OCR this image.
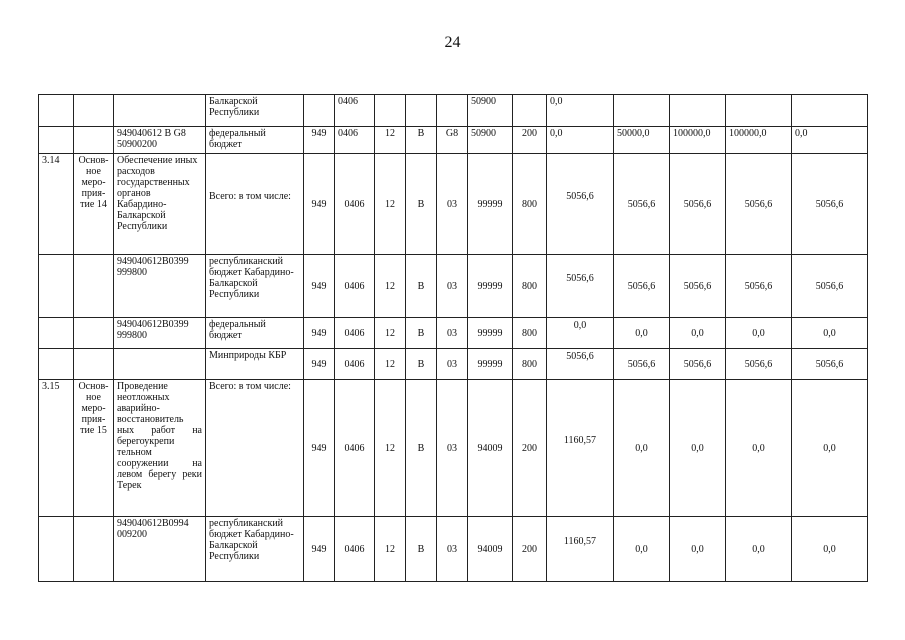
24
			Балкарской Республики		0406				50900		0,0				
		949040612 В G8 50900200	федеральный бюджет	949	0406	12	В	G8	50900	200	0,0	50000,0	100000,0	100000,0	0,0
3.14	Основ-ное меро-прия-тие 14	Обеспечение иных расходов государственных органов Кабардино-Балкарской Республики	Всего: в том числе:	949	0406	12	В	03	99999	800	5056,6	5056,6	5056,6	5056,6	5056,6
		949040612В0399 999800	республиканский бюджет Кабардино-Балкарской Республики	949	0406	12	В	03	99999	800	5056,6	5056,6	5056,6	5056,6	5056,6
		949040612В0399 999800	федеральный бюджет	949	0406	12	В	03	99999	800	0,0	0,0	0,0	0,0	0,0
			Минприроды КБР	949	0406	12	В	03	99999	800	5056,6	5056,6	5056,6	5056,6	5056,6
3.15	Основ-ное меро-прия-тие 15	Проведение неотложных аварийно-восстановитель ных работ на берегоукрепи тельном сооружении на левом берегу реки Терек	Всего: в том числе:	949	0406	12	В	03	94009	200	1160,57	0,0	0,0	0,0	0,0
		949040612В0994 009200	республиканский бюджет Кабардино-Балкарской Республики	949	0406	12	В	03	94009	200	1160,57	0,0	0,0	0,0	0,0
